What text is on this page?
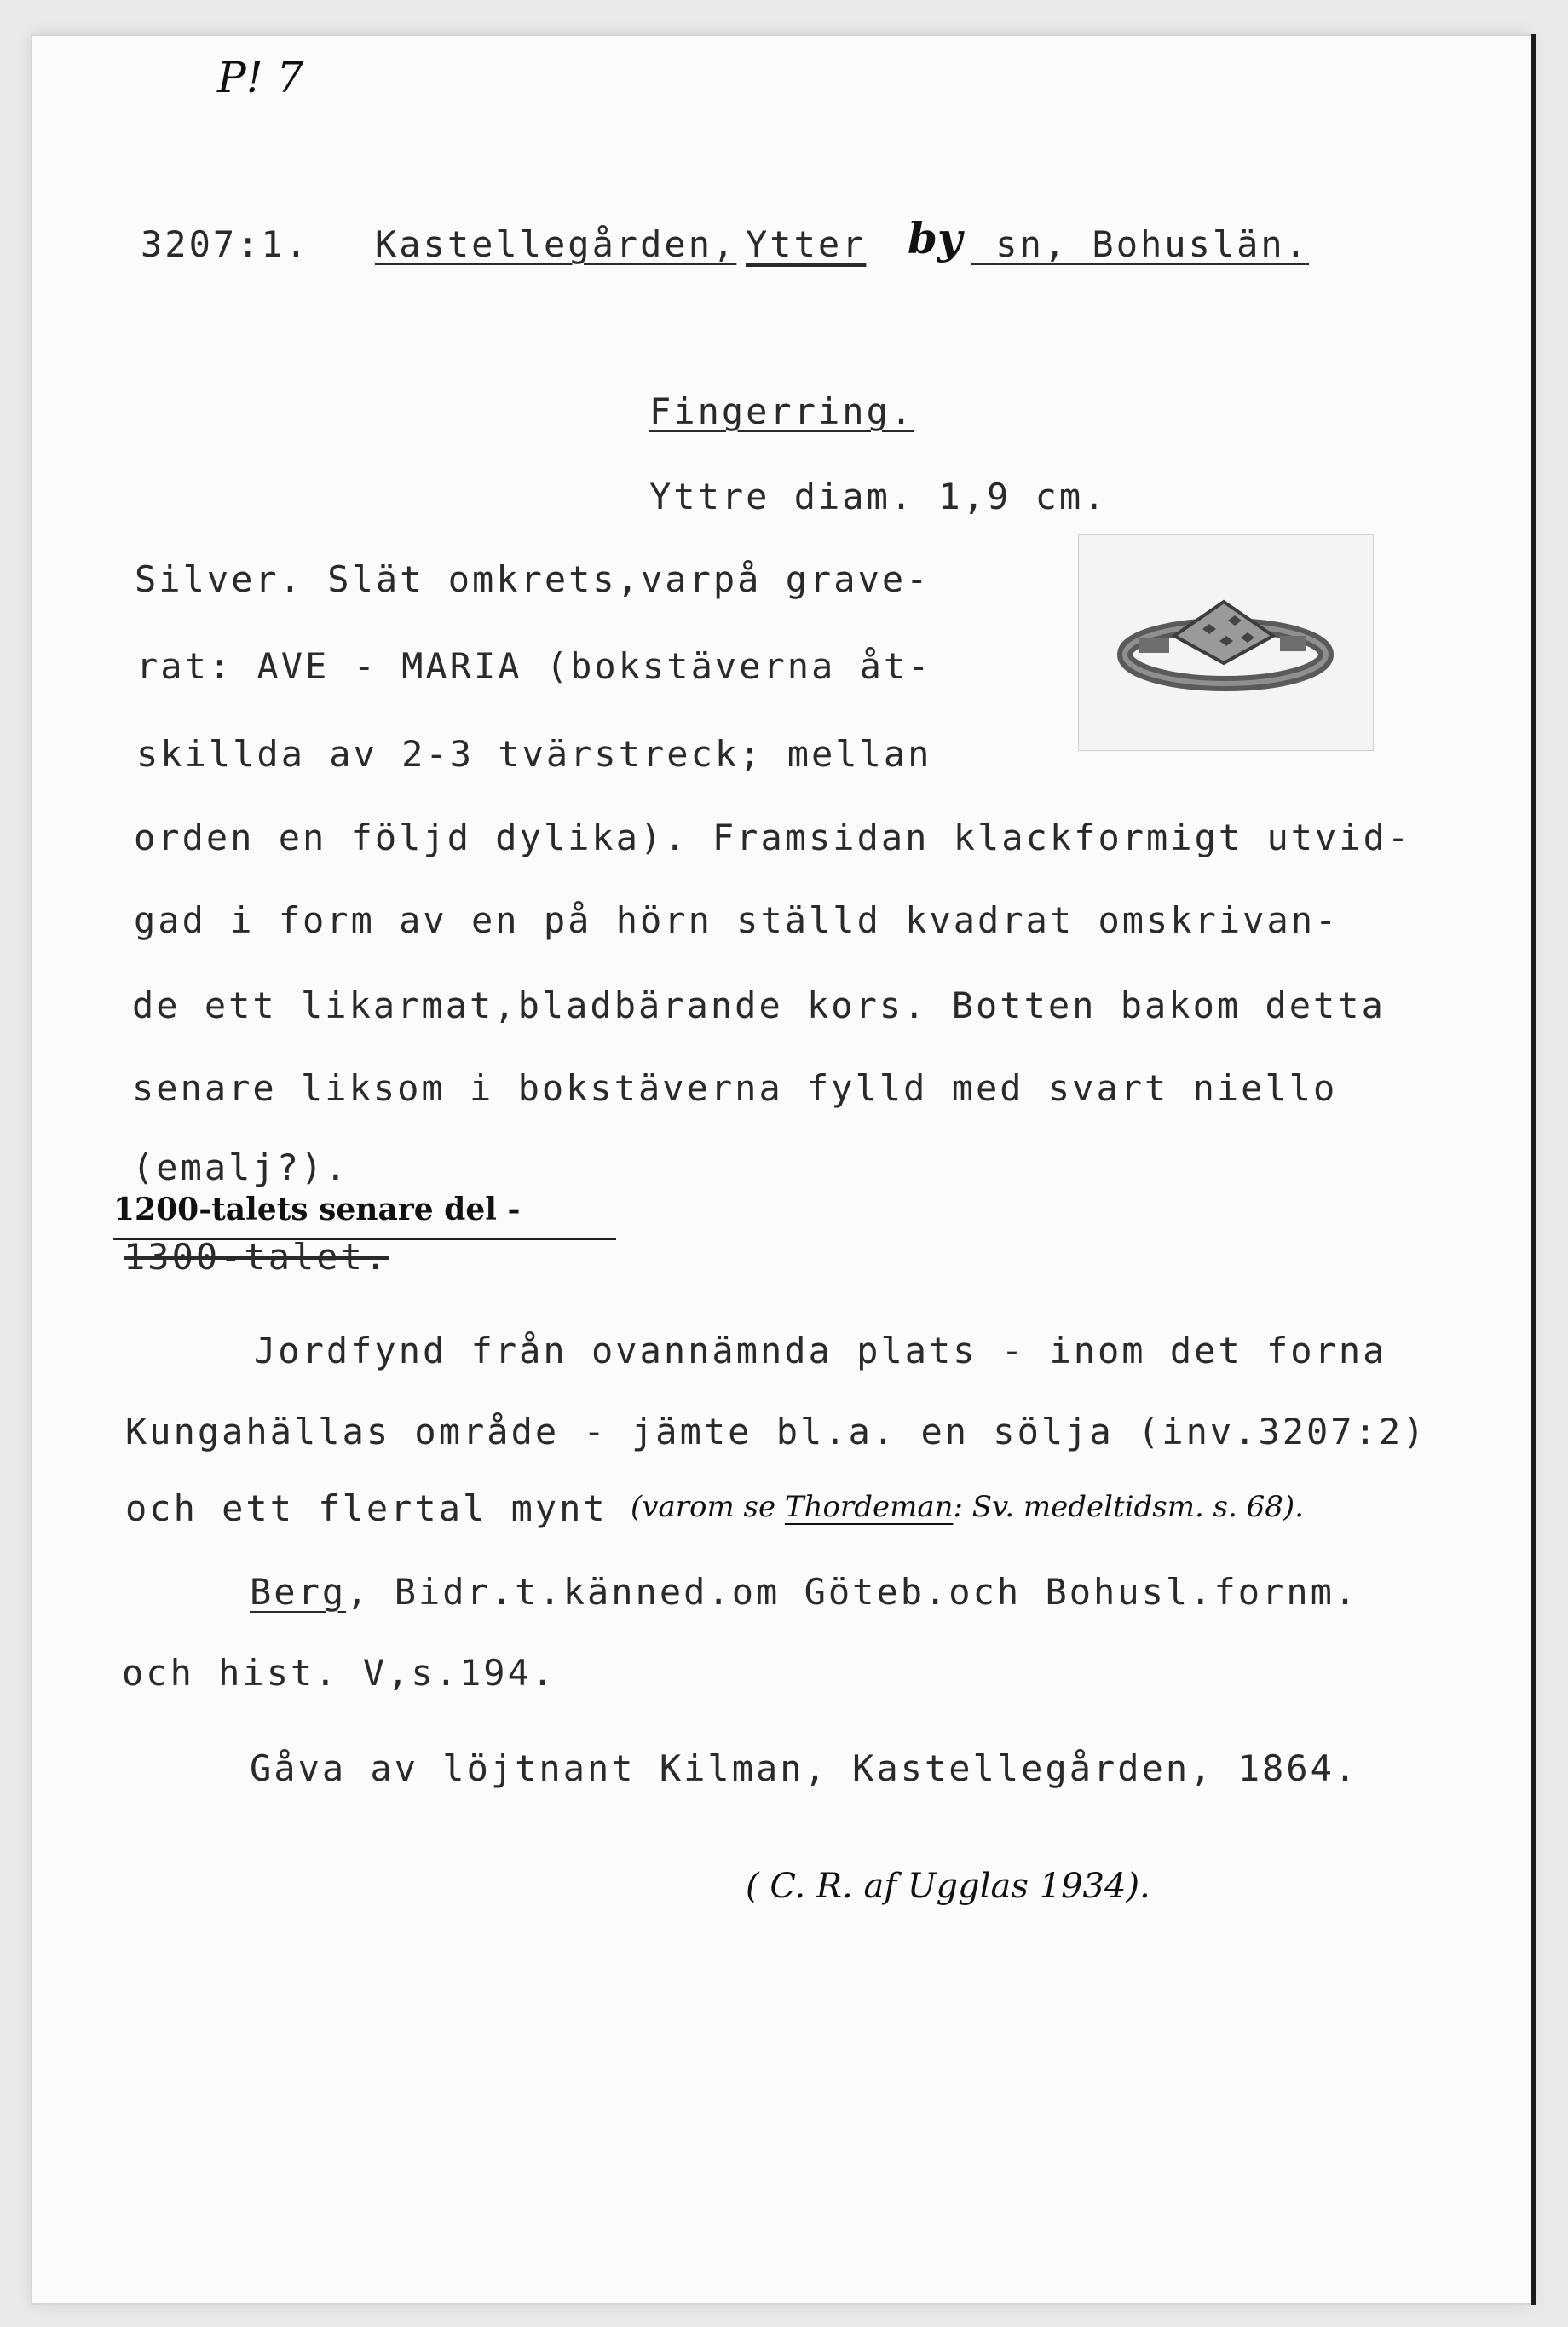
P! 7
3207:1. Kastellegården, Ytter by sn, Bohuslän.
Fingerring.
Yttre diam. 1,9 cm.
Silver. Slät omkrets,varpå grave-
rat: AVE - MARIA (bokstäverna åt-
skillda av 2-3 tvärstreck; mellan
orden en följd dylika). Framsidan klackformigt utvid-
gad i form av en på hörn ställd kvadrat omskrivan-
de ett likarmat,bladbärande kors. Botten bakom detta
senare liksom i bokstäverna fylld med svart niello
(emalj?).
1200-talets senare del -
1300-talet.
Jordfynd från ovannämnda plats - inom det forna
Kungahällas område - jämte bl.a. en sölja (inv.3207:2)
och ett flertal mynt (varom se Thordeman: Sv. medeltidsm. s. 68).
Berg, Bidr.t.känned.om Göteb.och Bohusl.fornm.
och hist. V,s.194.
Gåva av löjtnant Kilman, Kastellegården, 1864.
( C. R. af Ugglas 1934).
